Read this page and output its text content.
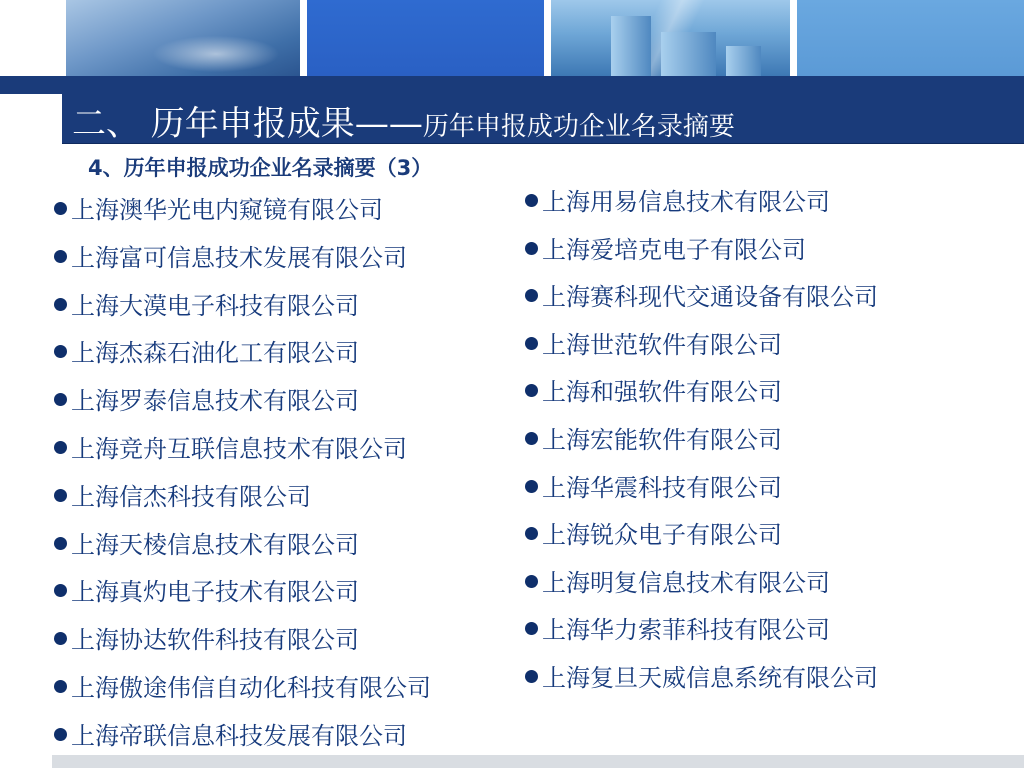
二、 历年申报成果——历年申报成功企业名录摘要
4、历年申报成功企业名录摘要（3）
上海澳华光电内窥镜有限公司
上海富可信息技术发展有限公司
上海大漠电子科技有限公司
上海杰森石油化工有限公司
上海罗泰信息技术有限公司
上海竞舟互联信息技术有限公司
上海信杰科技有限公司
上海天棱信息技术有限公司
上海真灼电子技术有限公司
上海协达软件科技有限公司
上海傲途伟信自动化科技有限公司
上海帝联信息科技发展有限公司
上海用易信息技术有限公司
上海爱培克电子有限公司
上海赛科现代交通设备有限公司
上海世范软件有限公司
上海和强软件有限公司
上海宏能软件有限公司
上海华震科技有限公司
上海锐众电子有限公司
上海明复信息技术有限公司
上海华力索菲科技有限公司
上海复旦天威信息系统有限公司
